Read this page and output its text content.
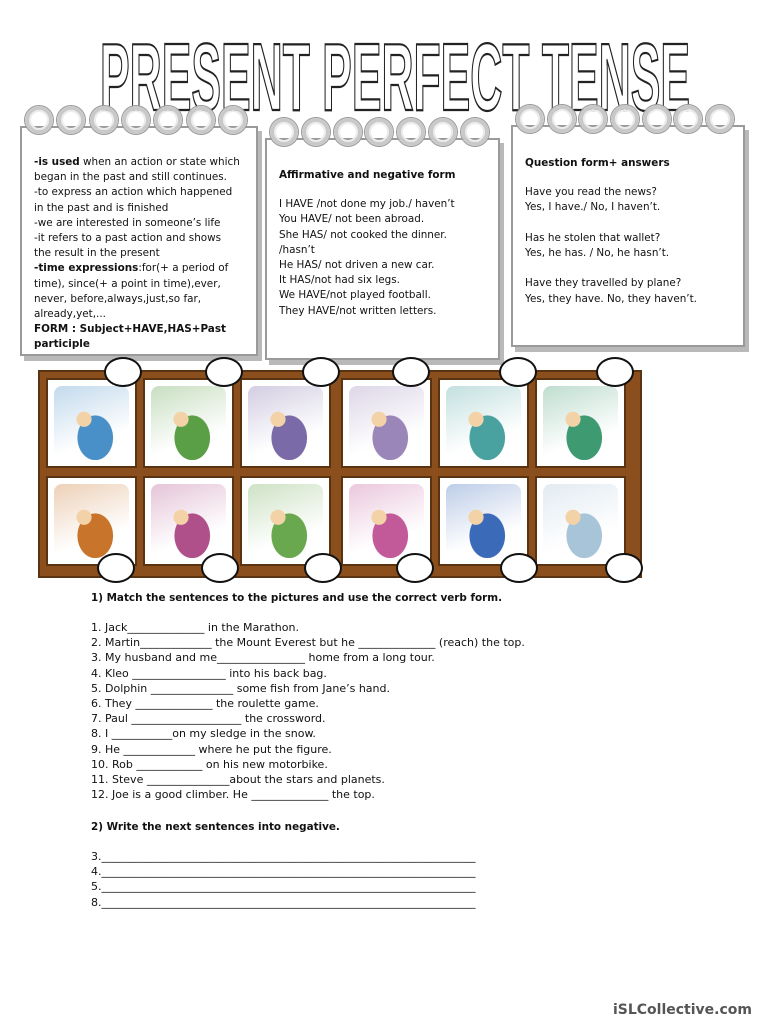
PRESENT PERFECT TENSE
-is used when an action or state which
began in the past and still continues.
-to express an action which happened
in the past and is finished
-we are interested in someone’s life
-it refers to a past action and shows
the result in the present
-time expressions:for(+ a period of
time), since(+ a point in time),ever,
never, before,always,just,so far,
already,yet,...
FORM : Subject+HAVE,HAS+Past
participle
Affirmative and negative form
I HAVE /not done my job./ haven’t
You HAVE/ not been abroad.
She HAS/ not cooked the dinner.
/hasn’t
He HAS/ not driven a new car.
It HAS/not had six legs.
We HAVE/not played football.
They HAVE/not written letters.
Question form+ answers
Have you read the news?
Yes, I have./ No, I haven’t.
Has he stolen that wallet?
Yes, he has. / No, he hasn’t.
Have they travelled by plane?
Yes, they have. No, they haven’t.
1) Match the sentences to the pictures and use the correct verb form.
1. Jack______________ in the Marathon.
2. Martin_____________ the Mount Everest but he ______________ (reach) the top.
3. My husband and me________________ home from a long tour.
4. Kleo _________________ into his back bag.
5. Dolphin _______________ some fish from Jane’s hand.
6. They ______________ the roulette game.
7. Paul ____________________ the crossword.
8. I ___________on my sledge in the snow.
9. He _____________ where he put the figure.
10. Rob ____________ on his new motorbike.
11. Steve _______________about the stars and planets.
12. Joe is a good climber. He ______________ the top.
2) Write the next sentences into negative.
3.____________________________________________________________________
4.____________________________________________________________________
5.____________________________________________________________________
8.____________________________________________________________________
iSLCollective.com
